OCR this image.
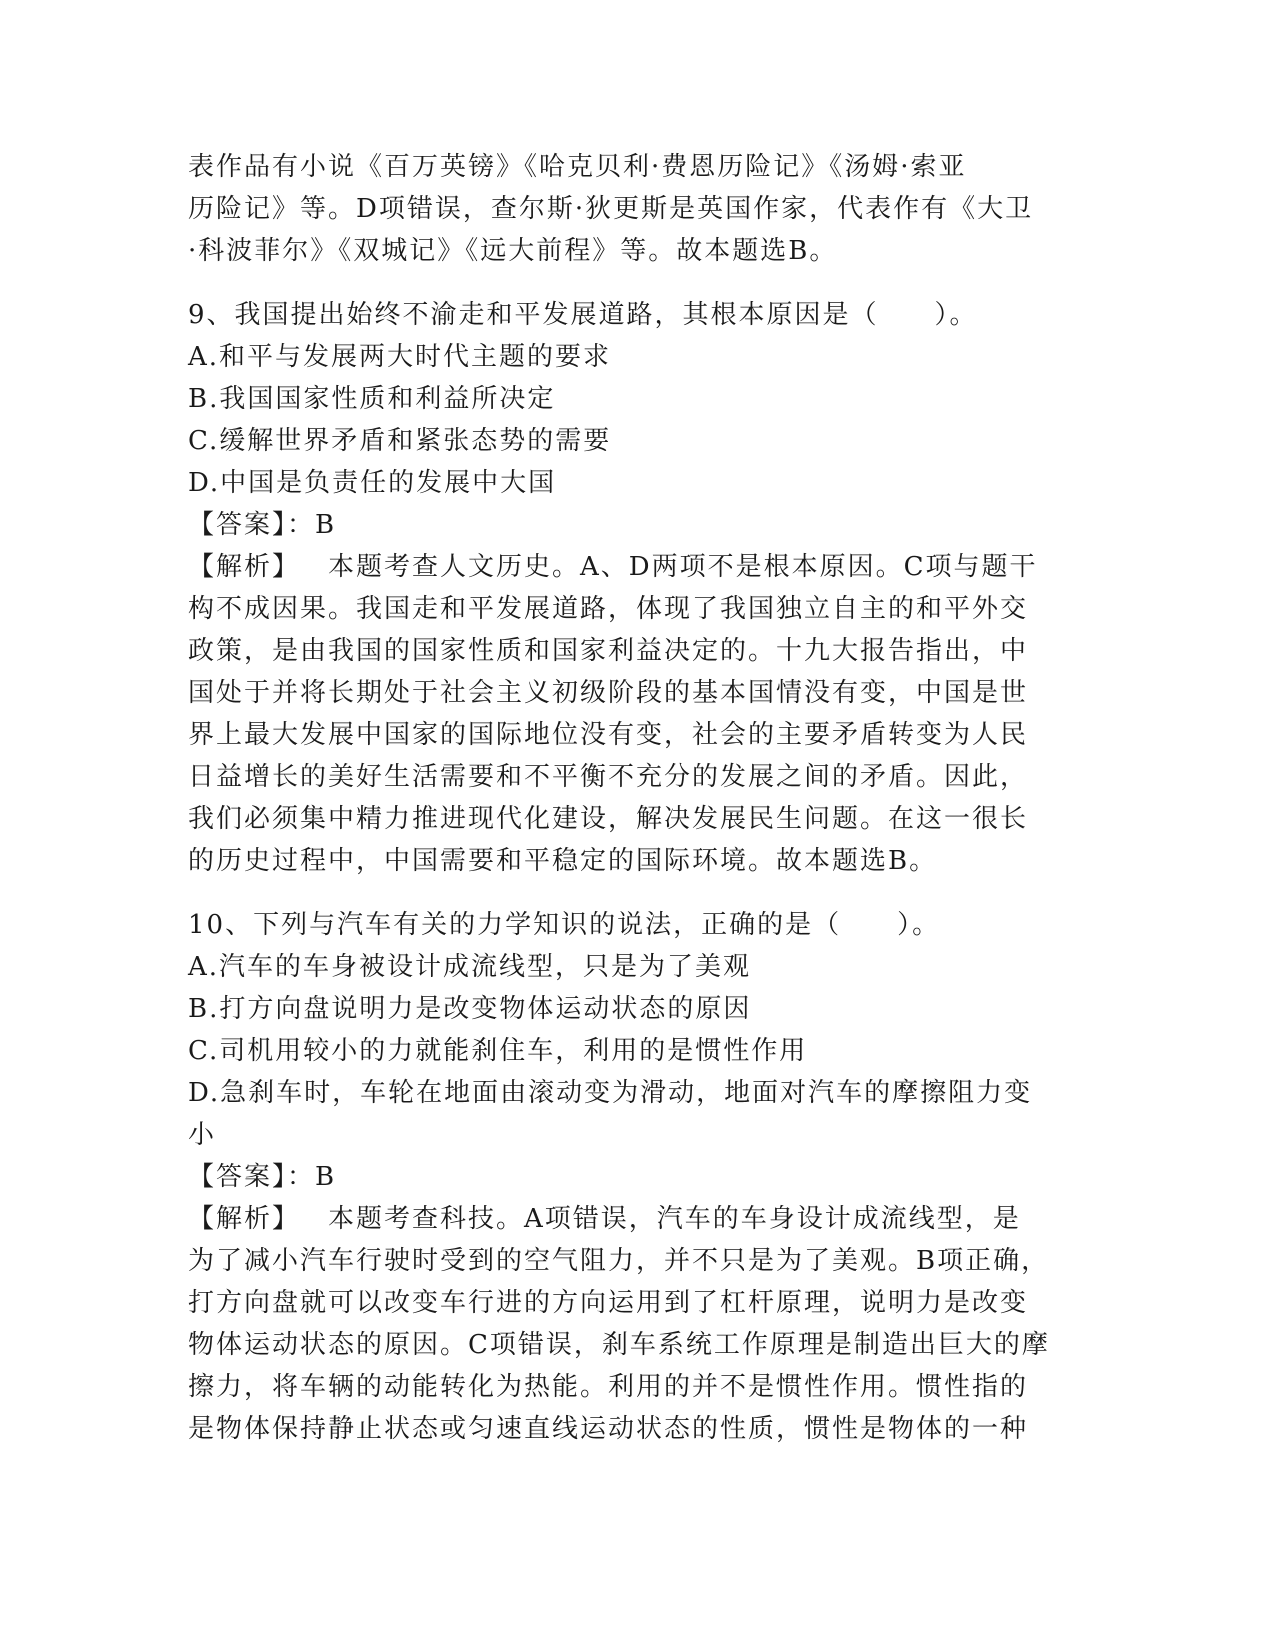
表作品有小说《百万英镑》《哈克贝利·费恩历险记》《汤姆·索亚
历险记》等。D项错误，查尔斯·狄更斯是英国作家，代表作有《大卫
·科波菲尔》《双城记》《远大前程》等。故本题选B。
9、我国提出始终不渝走和平发展道路，其根本原因是（　　）。
A.和平与发展两大时代主题的要求
B.我国国家性质和利益所决定
C.缓解世界矛盾和紧张态势的需要
D.中国是负责任的发展中大国
【答案】：B
【解析】 本题考查人文历史。A、D两项不是根本原因。C项与题干
构不成因果。我国走和平发展道路，体现了我国独立自主的和平外交
政策，是由我国的国家性质和国家利益决定的。十九大报告指出，中
国处于并将长期处于社会主义初级阶段的基本国情没有变，中国是世
界上最大发展中国家的国际地位没有变，社会的主要矛盾转变为人民
日益增长的美好生活需要和不平衡不充分的发展之间的矛盾。因此，
我们必须集中精力推进现代化建设，解决发展民生问题。在这一很长
的历史过程中，中国需要和平稳定的国际环境。故本题选B。
10、下列与汽车有关的力学知识的说法，正确的是（　　）。
A.汽车的车身被设计成流线型，只是为了美观
B.打方向盘说明力是改变物体运动状态的原因
C.司机用较小的力就能刹住车，利用的是惯性作用
D.急刹车时，车轮在地面由滚动变为滑动，地面对汽车的摩擦阻力变
小
【答案】：B
【解析】 本题考查科技。A项错误，汽车的车身设计成流线型，是
为了减小汽车行驶时受到的空气阻力，并不只是为了美观。B项正确，
打方向盘就可以改变车行进的方向运用到了杠杆原理，说明力是改变
物体运动状态的原因。C项错误，刹车系统工作原理是制造出巨大的摩
擦力，将车辆的动能转化为热能。利用的并不是惯性作用。惯性指的
是物体保持静止状态或匀速直线运动状态的性质，惯性是物体的一种
